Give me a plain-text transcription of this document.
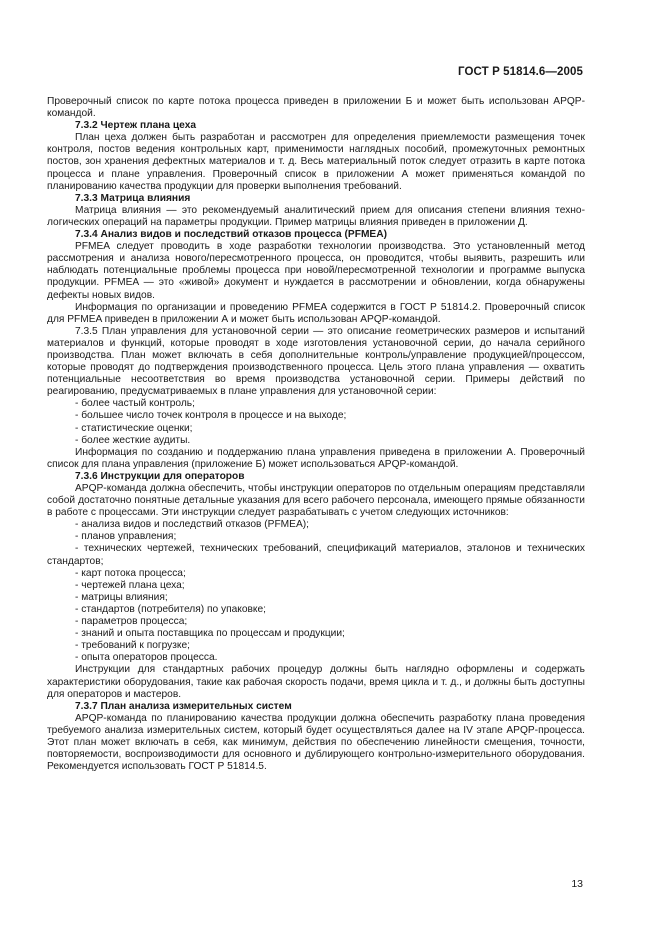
ГОСТ Р 51814.6—2005

Проверочный список по карте потока процесса приведен в приложении Б и может быть использован APQP-командой.

7.3.2 Чертеж плана цеха

План цеха должен быть разработан и рассмотрен для определения приемлемости размещения точек контроля, постов ведения контрольных карт, применимости наглядных пособий, промежуточных ремонтных постов, зон хранения дефектных материалов и т. д. Весь материальный поток следует отразить в карте потока процесса и плане управления. Проверочный список в приложении А может применяться командой по планированию качества продукции для проверки выполнения требований.

7.3.3 Матрица влияния

Матрица влияния — это рекомендуемый аналитический прием для описания степени влияния технологических операций на параметры продукции. Пример матрицы влияния приведен в приложении Д.

7.3.4 Анализ видов и последствий отказов процесса (PFMEA)

PFMEA следует проводить в ходе разработки технологии производства. Это установленный метод рассмотрения и анализа нового/пересмотренного процесса, он проводится, чтобы выявить, разрешить или наблюдать потенциальные проблемы процесса при новой/пересмотренной технологии и программе выпуска продукции. PFMEA — это «живой» документ и нуждается в рассмотрении и обновлении, когда обнаружены дефекты новых видов.

Информация по организации и проведению PFMEA содержится в ГОСТ Р 51814.2. Проверочный список для PFMEA приведен в приложении А и может быть использован APQP-командой.

7.3.5 План управления для установочной серии — это описание геометрических размеров и испытаний материалов и функций, которые проводят в ходе изготовления установочной серии, до начала серийного производства. План может включать в себя дополнительные контроль/управление продукцией/процессом, которые проводят до подтверждения производственного процесса. Цель этого плана управления — охватить потенциальные несоответствия во время производства установочной серии. Примеры действий по реагированию, предусматриваемых в плане управления для установочной серии:

- более частый контроль;

- большее число точек контроля в процессе и на выходе;

- статистические оценки;

- более жесткие аудиты.

Информация по созданию и поддержанию плана управления приведена в приложении А. Проверочный список для плана управления (приложение Б) может использоваться APQP-командой.

7.3.6 Инструкции для операторов

APQP-команда должна обеспечить, чтобы инструкции операторов по отдельным операциям представляли собой достаточно понятные детальные указания для всего рабочего персонала, имеющего прямые обязанности в работе с процессами. Эти инструкции следует разрабатывать с учетом следующих источников:

- анализа видов и последствий отказов (PFMEA);

- планов управления;

- технических чертежей, технических требований, спецификаций материалов, эталонов и технических стандартов;

- карт потока процесса;

- чертежей плана цеха;

- матрицы влияния;

- стандартов (потребителя) по упаковке;

- параметров процесса;

- знаний и опыта поставщика по процессам и продукции;

- требований к погрузке;

- опыта операторов процесса.

Инструкции для стандартных рабочих процедур должны быть наглядно оформлены и содержать характеристики оборудования, такие как рабочая скорость подачи, время цикла и т. д., и должны быть доступны для операторов и мастеров.

7.3.7 План анализа измерительных систем

APQP-команда по планированию качества продукции должна обеспечить разработку плана проведения требуемого анализа измерительных систем, который будет осуществляться далее на IV этапе APQP-процесса. Этот план может включать в себя, как минимум, действия по обеспечению линейности смещения, точности, повторяемости, воспроизводимости для основного и дублирующего контрольно-измерительного оборудования. Рекомендуется использовать ГОСТ Р 51814.5.

13
